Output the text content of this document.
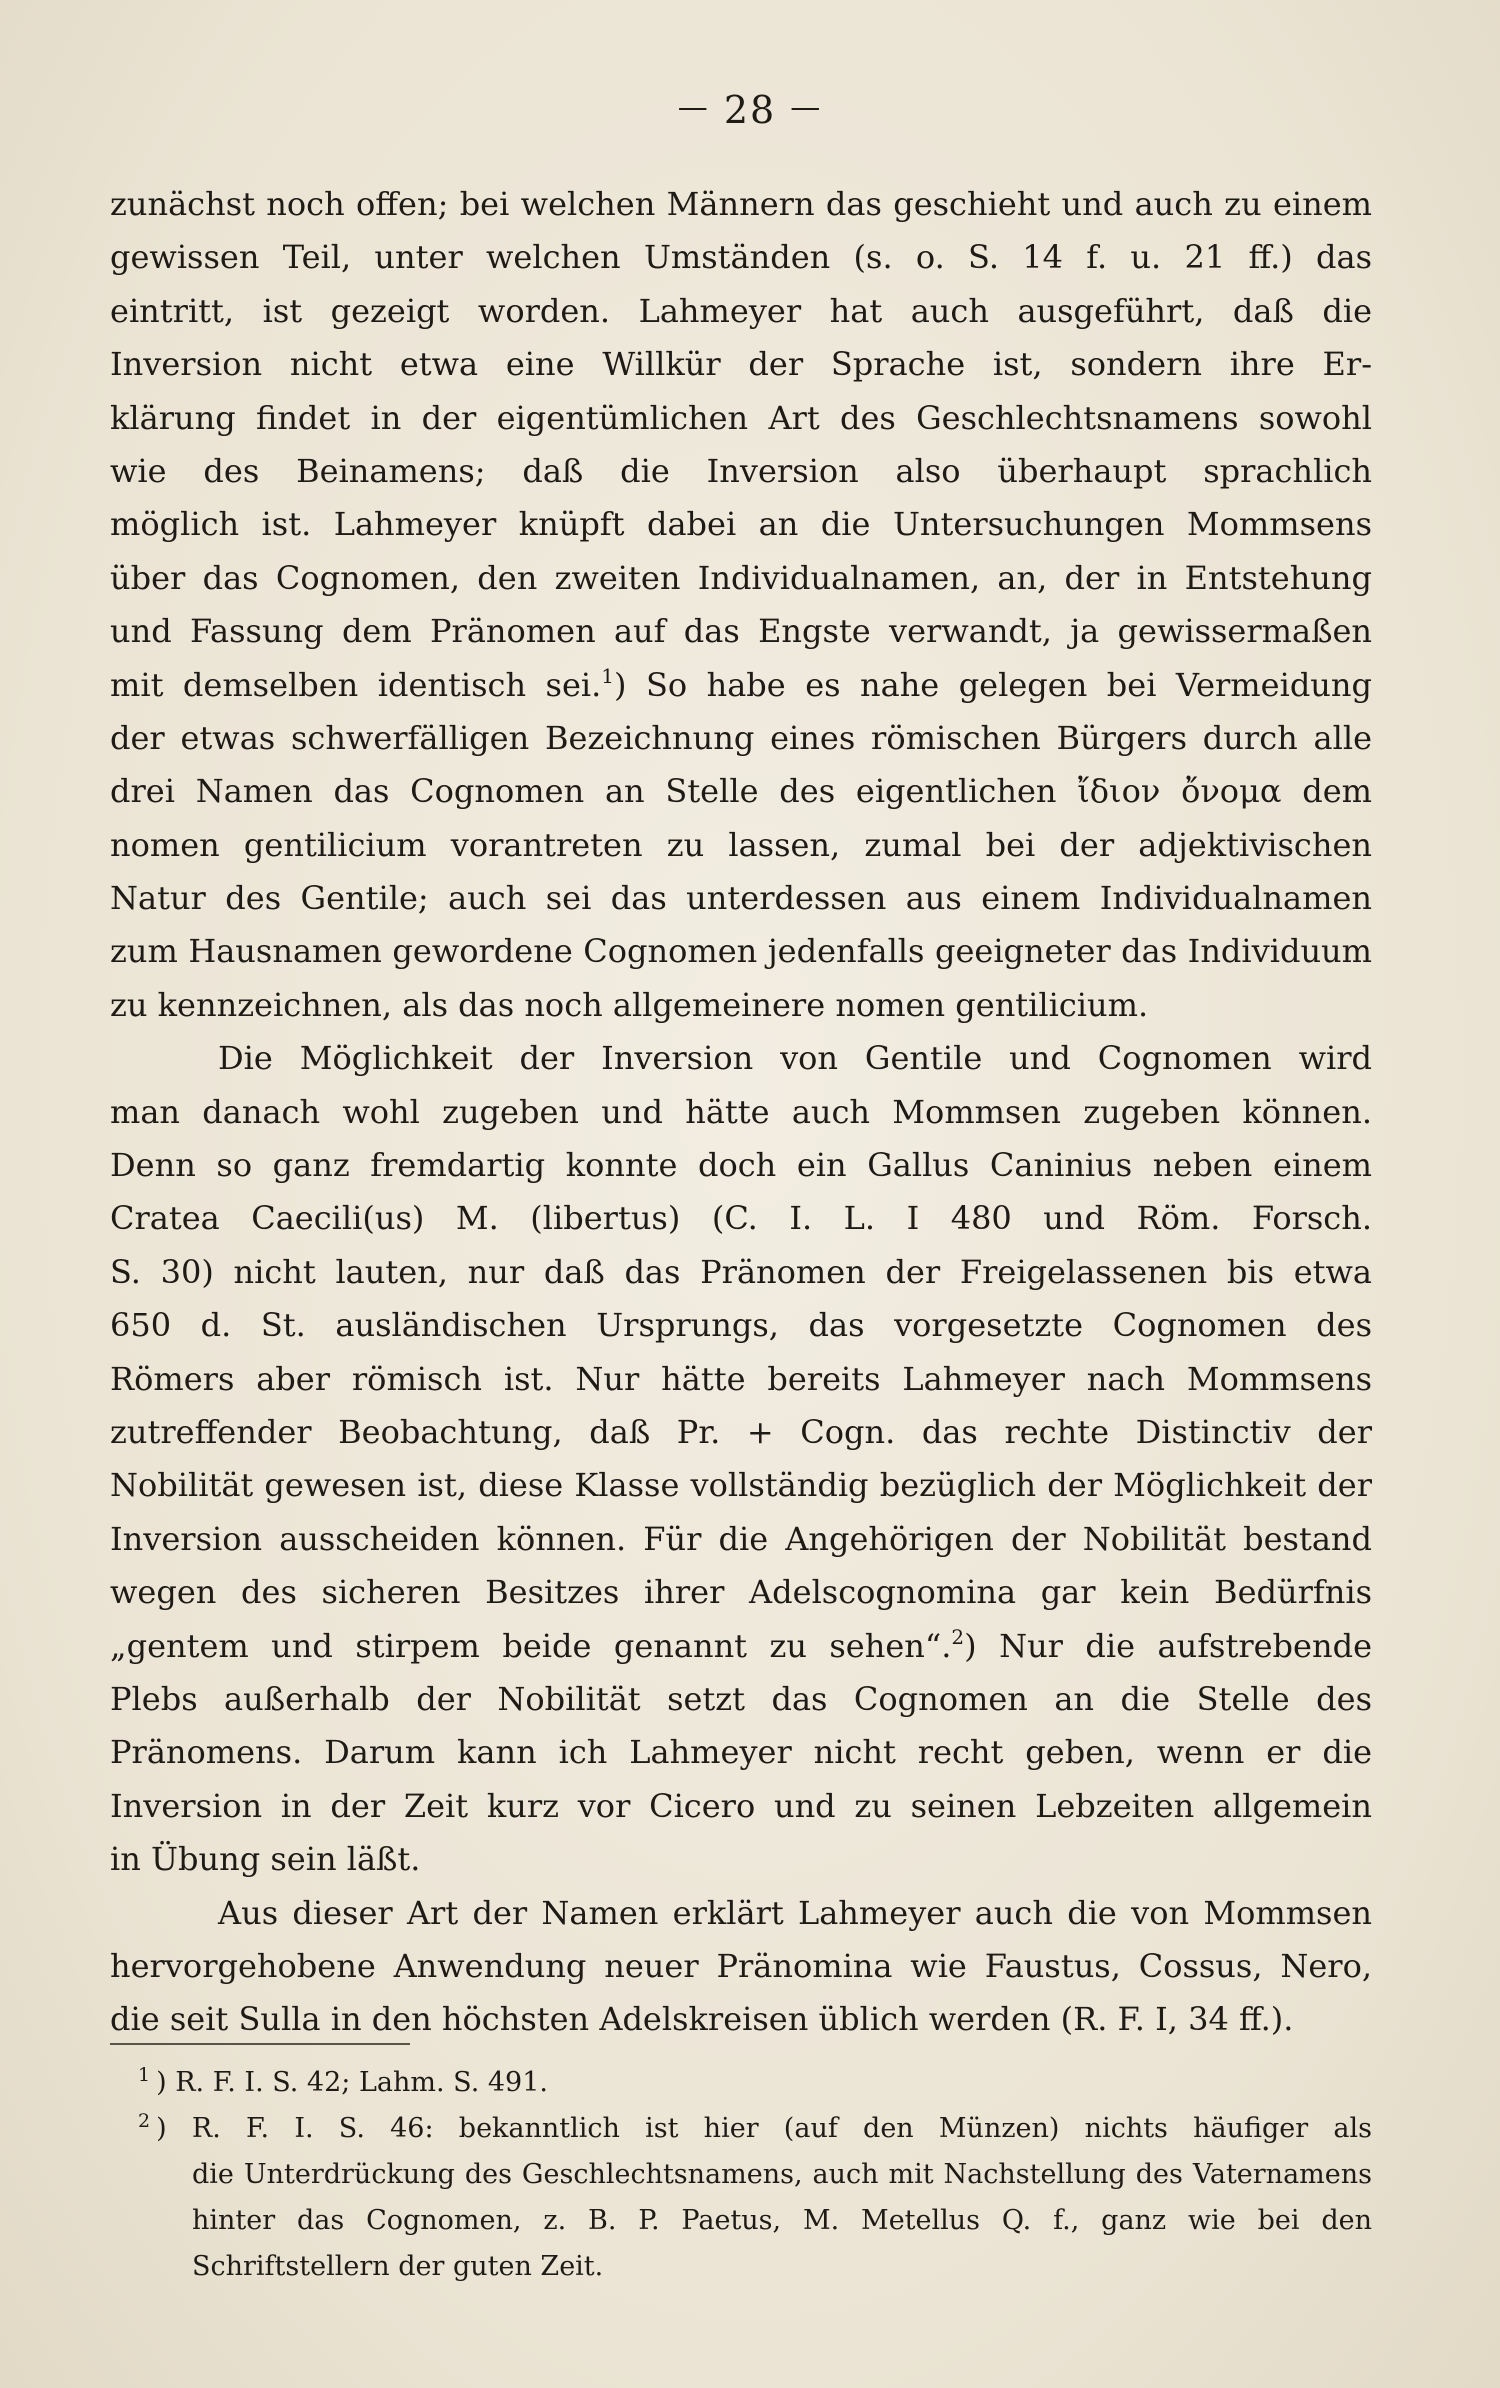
— 28 —
zunächst noch offen; bei welchen Männern das geschieht und auch zu einem
gewissen Teil, unter welchen Umständen (s. o. S. 14 f. u. 21 ff.) das
eintritt, ist gezeigt worden. Lahmeyer hat auch ausgeführt, daß die
Inversion nicht etwa eine Willkür der Sprache ist, sondern ihre Er-
klärung findet in der eigentümlichen Art des Geschlechtsnamens sowohl
wie des Beinamens; daß die Inversion also überhaupt sprachlich
möglich ist. Lahmeyer knüpft dabei an die Untersuchungen Mommsens
über das Cognomen, den zweiten Individualnamen, an, der in Entstehung
und Fassung dem Pränomen auf das Engste verwandt, ja gewissermaßen
mit demselben identisch sei.$^1$) So habe es nahe gelegen bei Vermeidung
der etwas schwerfälligen Bezeichnung eines römischen Bürgers durch alle
drei Namen das Cognomen an Stelle des eigentlichen ἴδιον ὄνομα dem
nomen gentilicium vorantreten zu lassen, zumal bei der adjektivischen
Natur des Gentile; auch sei das unterdessen aus einem Individualnamen
zum Hausnamen gewordene Cognomen jedenfalls geeigneter das Individuum
zu kennzeichnen, als das noch allgemeinere nomen gentilicium.
Die Möglichkeit der Inversion von Gentile und Cognomen wird
man danach wohl zugeben und hätte auch Mommsen zugeben können.
Denn so ganz fremdartig konnte doch ein Gallus Caninius neben einem
Cratea Caecili(us) M. (libertus) (C. I. L. I 480 und Röm. Forsch.
S. 30) nicht lauten, nur daß das Pränomen der Freigelassenen bis etwa
650 d. St. ausländischen Ursprungs, das vorgesetzte Cognomen des
Römers aber römisch ist. Nur hätte bereits Lahmeyer nach Mommsens
zutreffender Beobachtung, daß Pr. + Cogn. das rechte Distinctiv der
Nobilität gewesen ist, diese Klasse vollständig bezüglich der Möglichkeit der
Inversion ausscheiden können. Für die Angehörigen der Nobilität bestand
wegen des sicheren Besitzes ihrer Adelscognomina gar kein Bedürfnis
„gentem und stirpem beide genannt zu sehen“.$^2$) Nur die aufstrebende
Plebs außerhalb der Nobilität setzt das Cognomen an die Stelle des
Pränomens. Darum kann ich Lahmeyer nicht recht geben, wenn er die
Inversion in der Zeit kurz vor Cicero und zu seinen Lebzeiten allgemein
in Übung sein läßt.
Aus dieser Art der Namen erklärt Lahmeyer auch die von Mommsen
hervorgehobene Anwendung neuer Pränomina wie Faustus, Cossus, Nero,
die seit Sulla in den höchsten Adelskreisen üblich werden (R. F. I, 34 ff.).
$^1$ ) R. F. I. S. 42; Lahm. S. 491.
$^2$ ) R. F. I. S. 46: bekanntlich ist hier (auf den Münzen) nichts häufiger als
die Unterdrückung des Geschlechtsnamens, auch mit Nachstellung des Vaternamens
hinter das Cognomen, z. B. P. Paetus, M. Metellus Q. f., ganz wie bei den
Schriftstellern der guten Zeit.
